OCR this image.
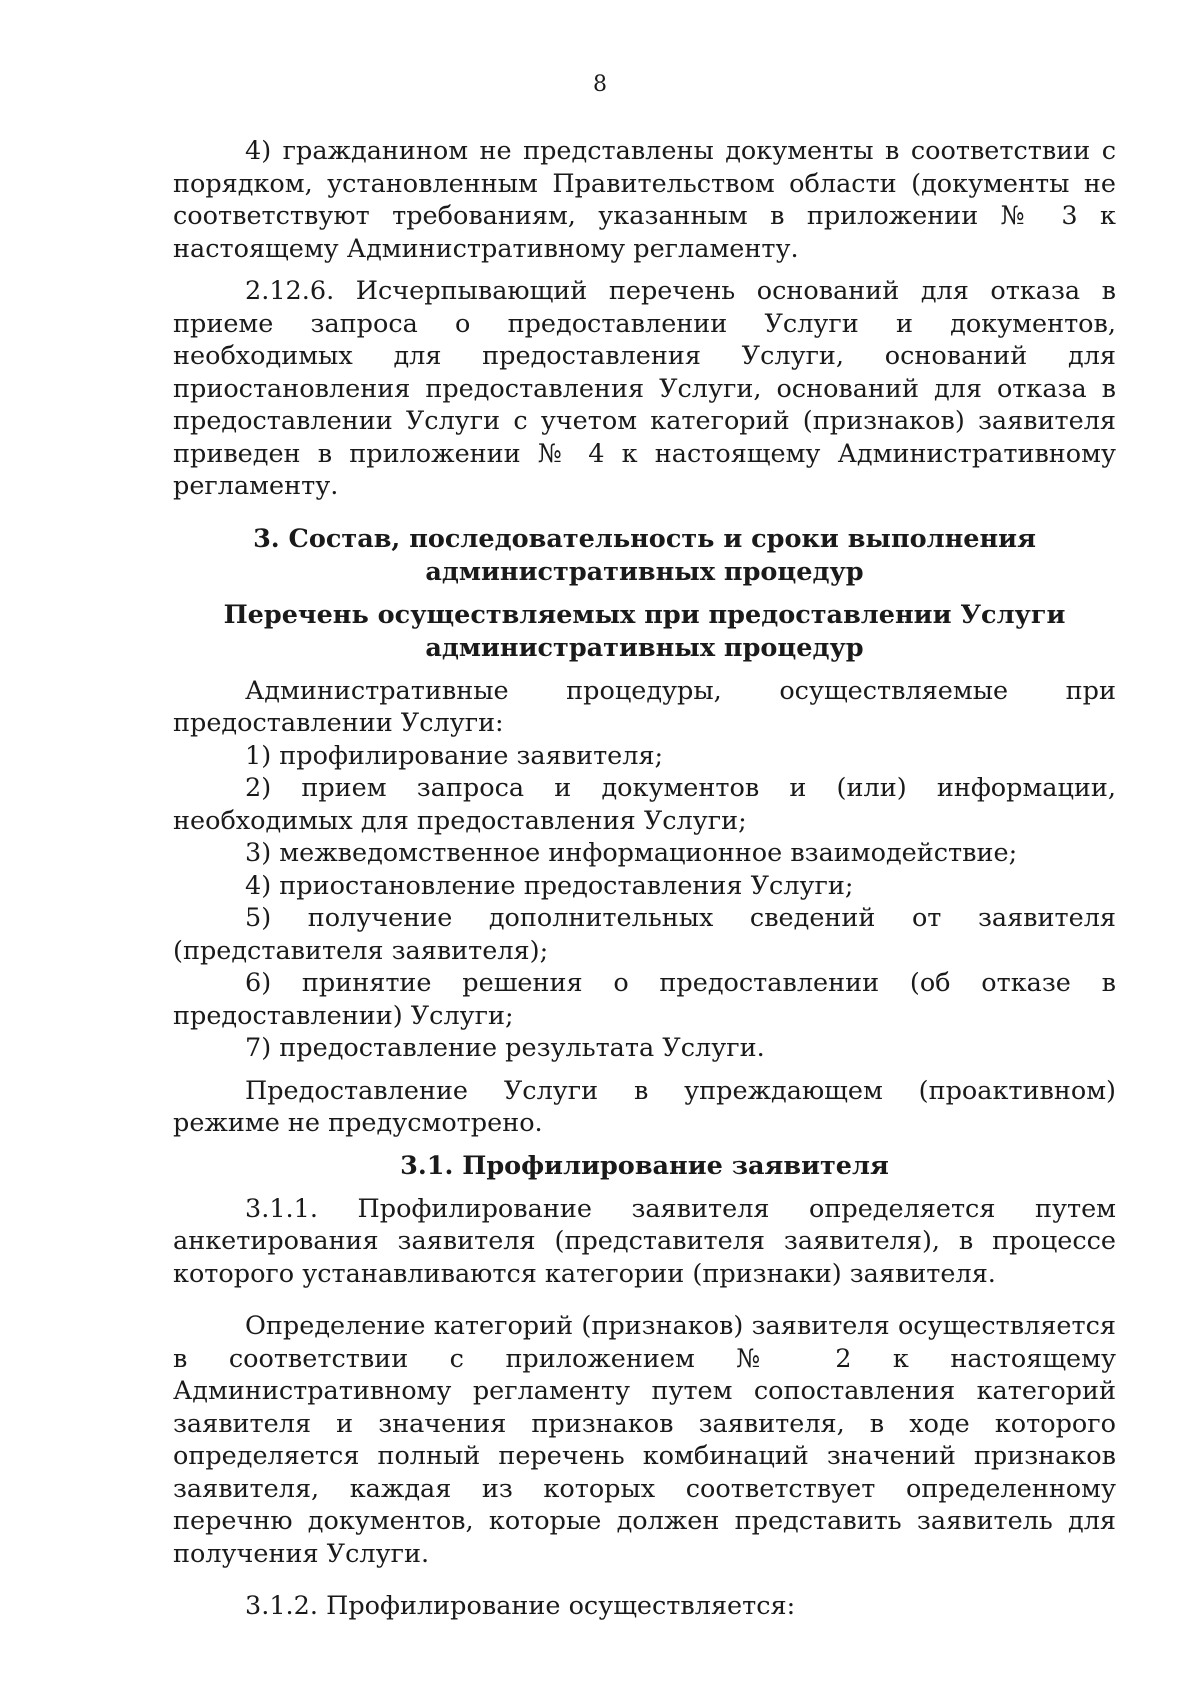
8

4) гражданином не представлены документы в соответствии с порядком, установленным Правительством области (документы не соответствуют требованиям, указанным в приложении № 3 к настоящему Административному регламенту.

2.12.6. Исчерпывающий перечень оснований для отказа в приеме запроса о предоставлении Услуги и документов, необходимых для предоставления Услуги, оснований для приостановления предоставления Услуги, оснований для отказа в предоставлении Услуги с учетом категорий (признаков) заявителя приведен в приложении № 4 к настоящему Административному регламенту.

3. Состав, последовательность и сроки выполнения административных процедур
Перечень осуществляемых при предоставлении Услуги административных процедур

Административные процедуры, осуществляемые при предоставлении Услуги:

1) профилирование заявителя;

2) прием запроса и документов и (или) информации, необходимых для предоставления Услуги;

3) межведомственное информационное взаимодействие;

4) приостановление предоставления Услуги;

5) получение дополнительных сведений от заявителя (представителя заявителя);

6) принятие решения о предоставлении (об отказе в предоставлении) Услуги;

7) предоставление результата Услуги.

Предоставление Услуги в упреждающем (проактивном) режиме не предусмотрено.

3.1. Профилирование заявителя

3.1.1. Профилирование заявителя определяется путем анкетирования заявителя (представителя заявителя), в процессе которого устанавливаются категории (признаки) заявителя.

Определение категорий (признаков) заявителя осуществляется в соответствии с приложением № 2 к настоящему Административному регламенту путем сопоставления категорий заявителя и значения признаков заявителя, в ходе которого определяется полный перечень комбинаций значений признаков заявителя, каждая из которых соответствует определенному перечню документов, которые должен представить заявитель для получения Услуги.

3.1.2. Профилирование осуществляется:
